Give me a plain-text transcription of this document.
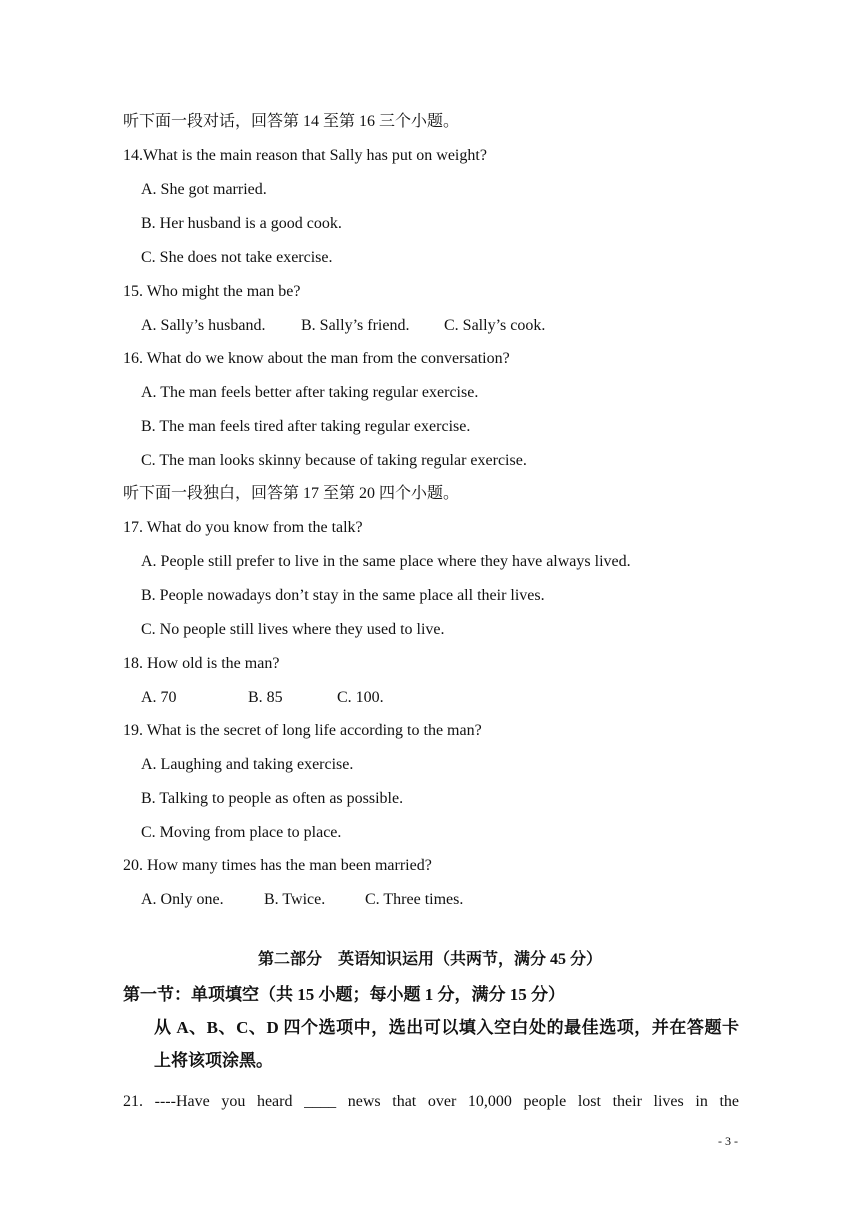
听下面一段对话，回答第 14 至第 16 三个小题。
14.What is the main reason that Sally has put on weight?
A. She got married.
B. Her husband is a good cook.
C. She does not take exercise.
15. Who might the man be?
A. Sally’s husband. B. Sally’s friend. C. Sally’s cook.
16. What do we know about the man from the conversation?
A. The man feels better after taking regular exercise.
B. The man feels tired after taking regular exercise.
C. The man looks skinny because of taking regular exercise.
听下面一段独白，回答第 17 至第 20 四个小题。
17. What do you know from the talk?
A. People still prefer to live in the same place where they have always lived.
B. People nowadays don’t stay in the same place all their lives.
C. No people still lives where they used to live.
18. How old is the man?
A. 70	B. 85	C. 100.
19. What is the secret of long life according to the man?
A. Laughing and taking exercise.
B. Talking to people as often as possible.
C. Moving from place to place.
20. How many times has the man been married?
A. Only one.	B. Twice. C. Three times.
第二部分　英语知识运用（共两节，满分 45 分）
第一节：单项填空（共 15 小题；每小题 1 分，满分 15 分）
从 A、B、C、D 四个选项中，选出可以填入空白处的最佳选项，并在答题卡
上将该项涂黑。
21.  ----Have  you  heard  ____  news  that  over  10,000  people  lost  their  lives  in  the
- 3 -
